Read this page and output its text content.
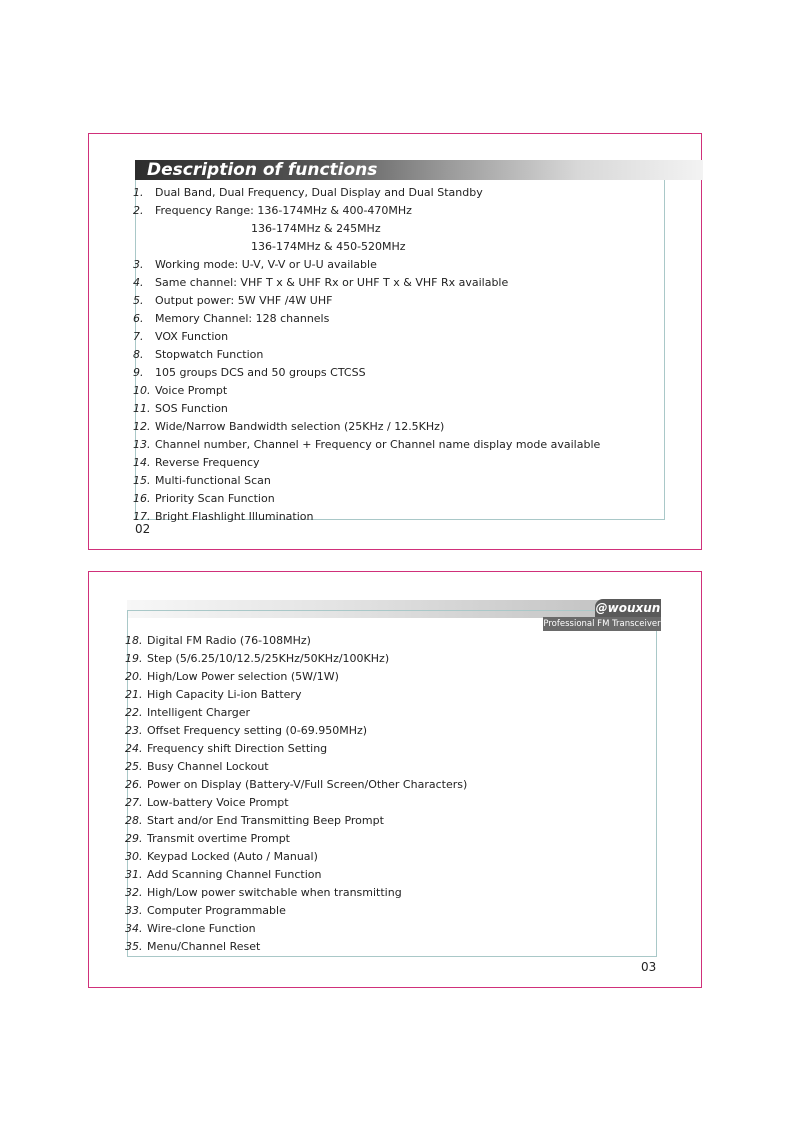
Description of functions
1.	Dual Band, Dual Frequency, Dual Display and Dual Standby
2.	Frequency Range: 136-174MHz & 400-470MHz
136-174MHz & 245MHz
136-174MHz & 450-520MHz
3.	Working mode: U-V, V-V or U-U available
4.	Same channel: VHF T x & UHF Rx or UHF T x & VHF Rx available
5.	Output power: 5W VHF /4W UHF
6.	Memory Channel: 128 channels
7.	VOX Function
8.	Stopwatch Function
9.	105 groups DCS and 50 groups CTCSS
10. Voice Prompt
11. SOS Function
12. Wide/Narrow Bandwidth selection (25KHz / 12.5KHz)
13. Channel number, Channel + Frequency or Channel name display mode available
14. Reverse Frequency
15. Multi-functional Scan
16. Priority Scan Function
17. Bright Flashlight Illumination
02
@wouxun
Professional FM Transceiver
18. Digital FM Radio (76-108MHz)
19. Step (5/6.25/10/12.5/25KHz/50KHz/100KHz)
20. High/Low Power selection (5W/1W)
21. High Capacity Li-ion Battery
22. Intelligent Charger
23. Offset Frequency setting (0-69.950MHz)
24. Frequency shift Direction Setting
25. Busy Channel Lockout
26. Power on Display (Battery-V/Full Screen/Other Characters)
27. Low-battery Voice Prompt
28. Start and/or End Transmitting Beep Prompt
29. Transmit overtime Prompt
30. Keypad Locked (Auto / Manual)
31. Add Scanning Channel Function
32. High/Low power switchable when transmitting
33. Computer Programmable
34. Wire-clone Function
35. Menu/Channel Reset
03
